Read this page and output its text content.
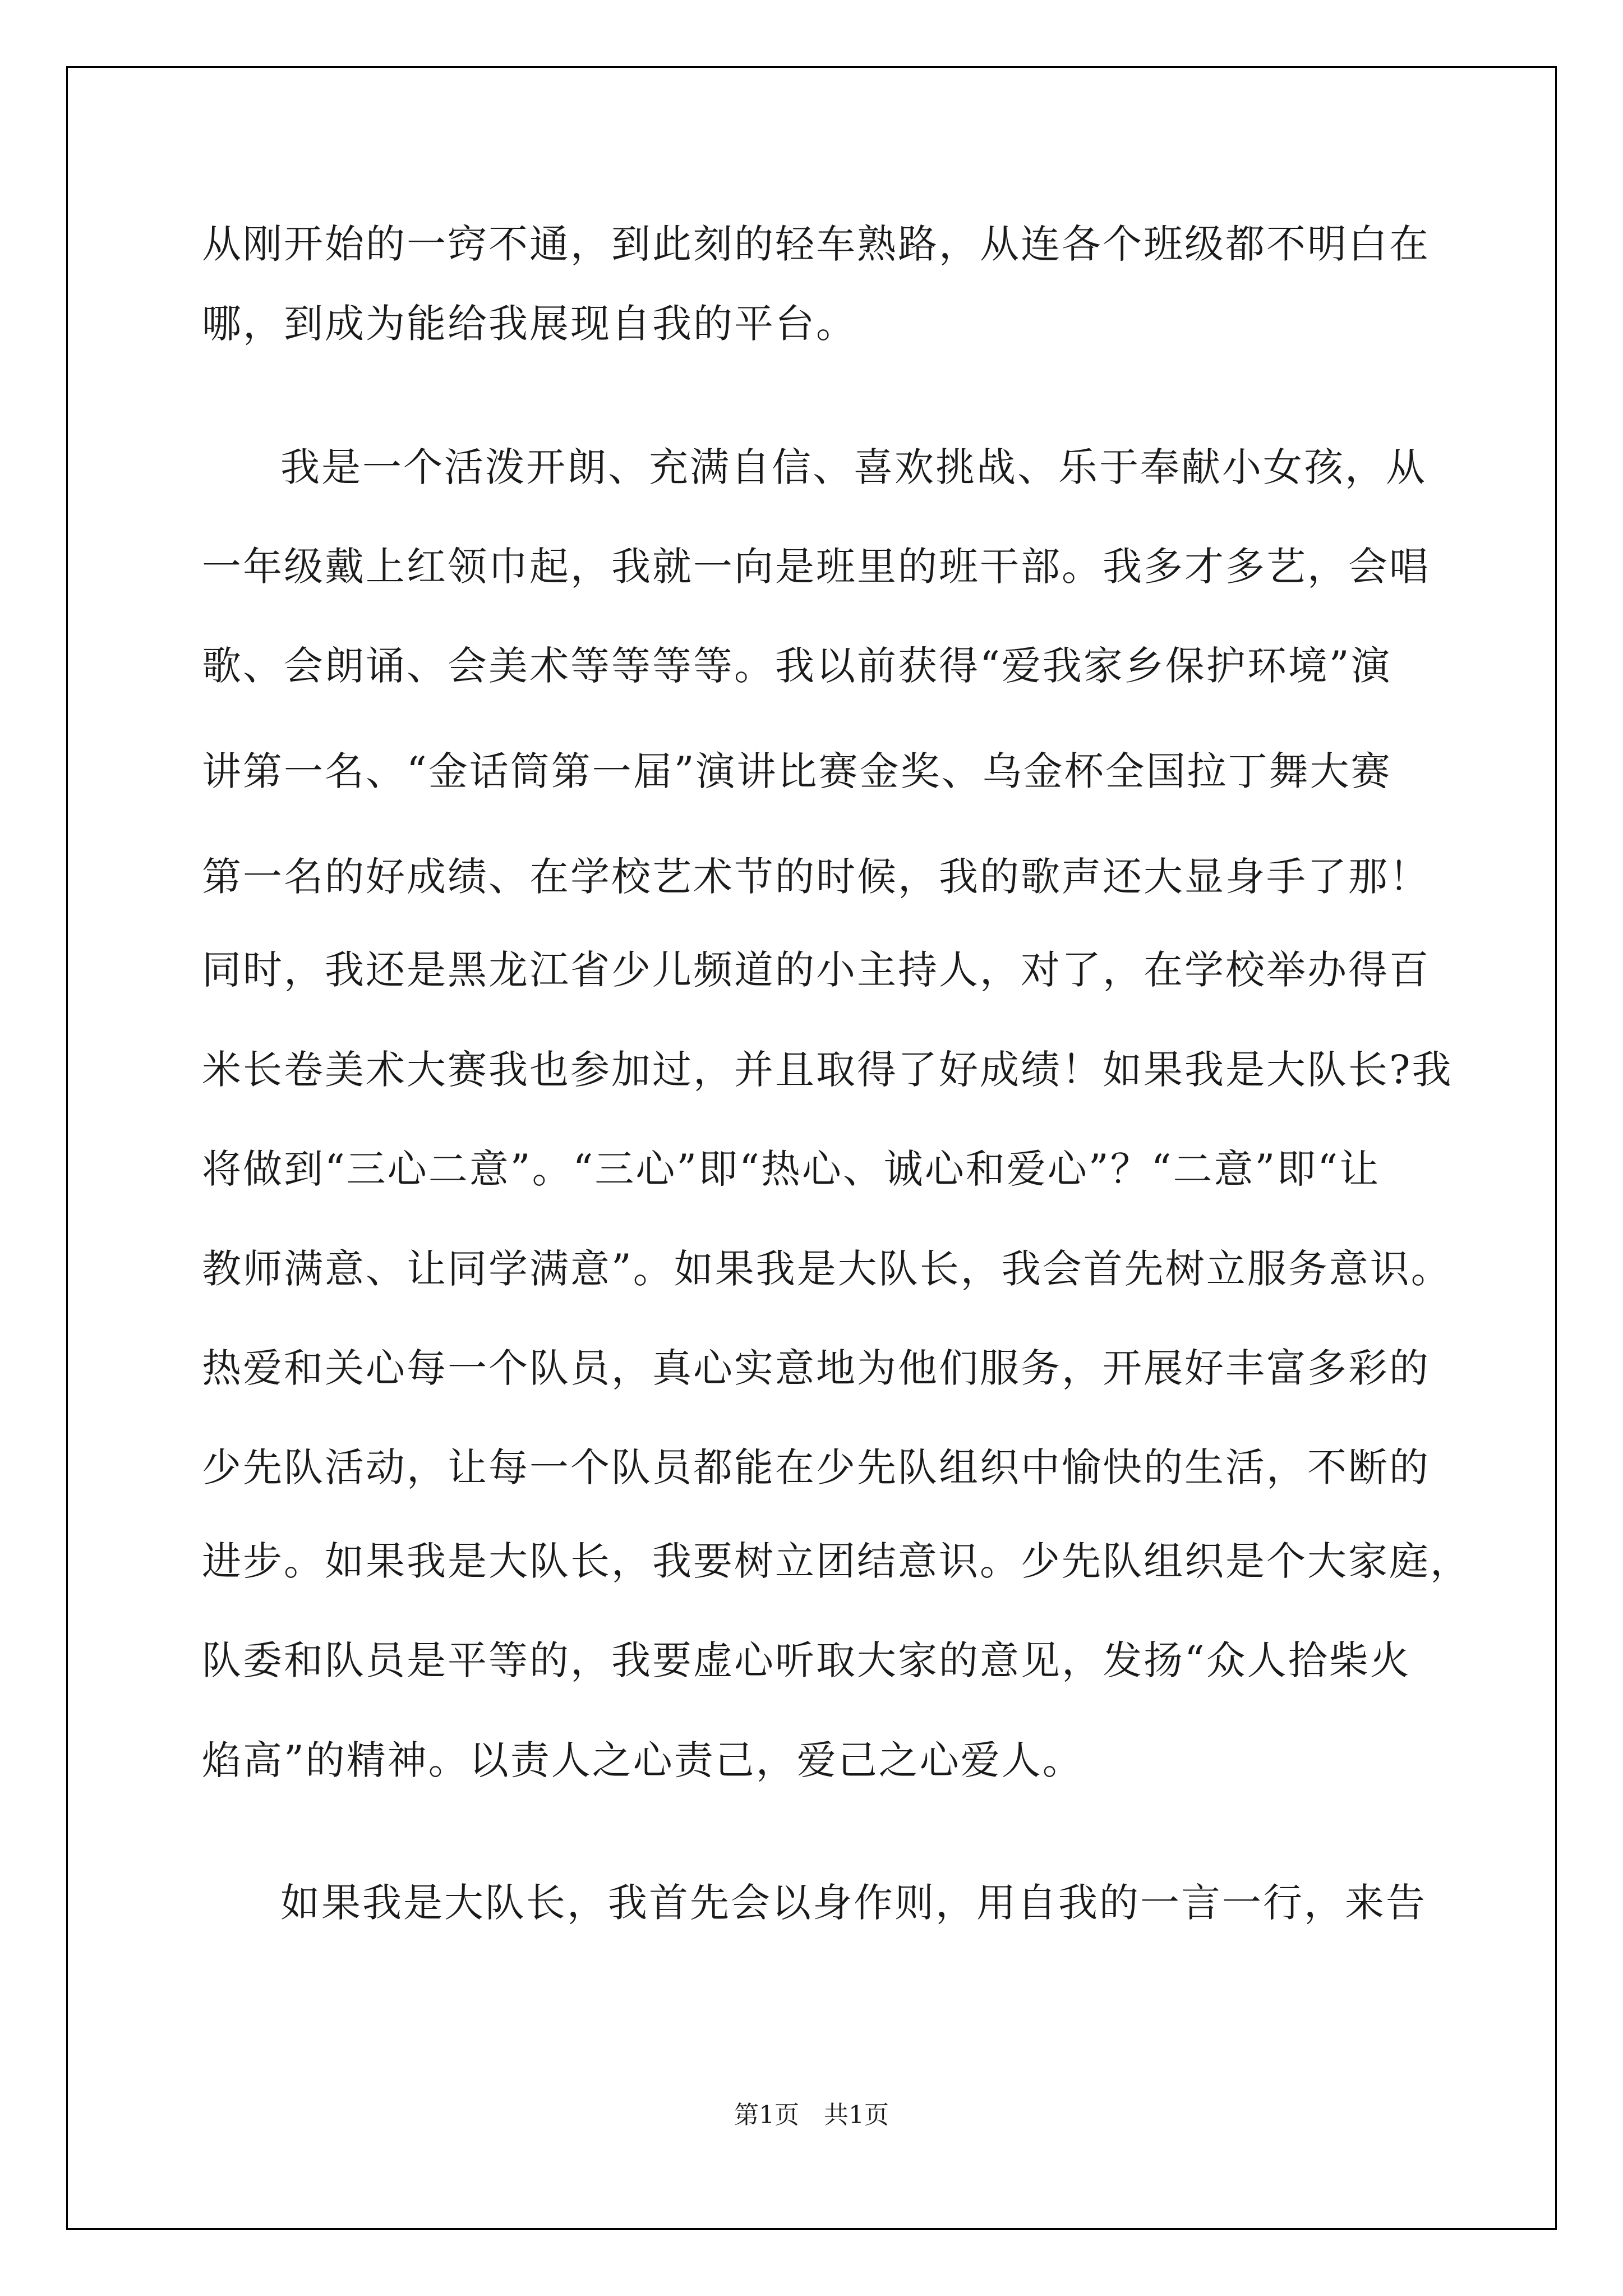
从刚开始的一窍不通，到此刻的轻车熟路，从连各个班级都不明白在
哪，到成为能给我展现自我的平台。
我是一个活泼开朗、充满自信、喜欢挑战、乐于奉献小女孩，从
一年级戴上红领巾起，我就一向是班里的班干部。我多才多艺，会唱
歌、会朗诵、会美术等等等等。我以前获得“爱我家乡保护环境”演
讲第一名、“金话筒第一届”演讲比赛金奖、乌金杯全国拉丁舞大赛
第一名的好成绩、在学校艺术节的时候，我的歌声还大显身手了那！
同时，我还是黑龙江省少儿频道的小主持人，对了，在学校举办得百
米长卷美术大赛我也参加过，并且取得了好成绩！如果我是大队长?我
将做到“三心二意”。“三心”即“热心、诚心和爱心”？“二意”即“让
教师满意、让同学满意”。如果我是大队长，我会首先树立服务意识。
热爱和关心每一个队员，真心实意地为他们服务，开展好丰富多彩的
少先队活动，让每一个队员都能在少先队组织中愉快的生活，不断的
进步。如果我是大队长，我要树立团结意识。少先队组织是个大家庭，
队委和队员是平等的，我要虚心听取大家的意见，发扬“众人拾柴火
焰高”的精神。以责人之心责己，爱己之心爱人。
如果我是大队长，我首先会以身作则，用自我的一言一行，来告
第1页　共1页
